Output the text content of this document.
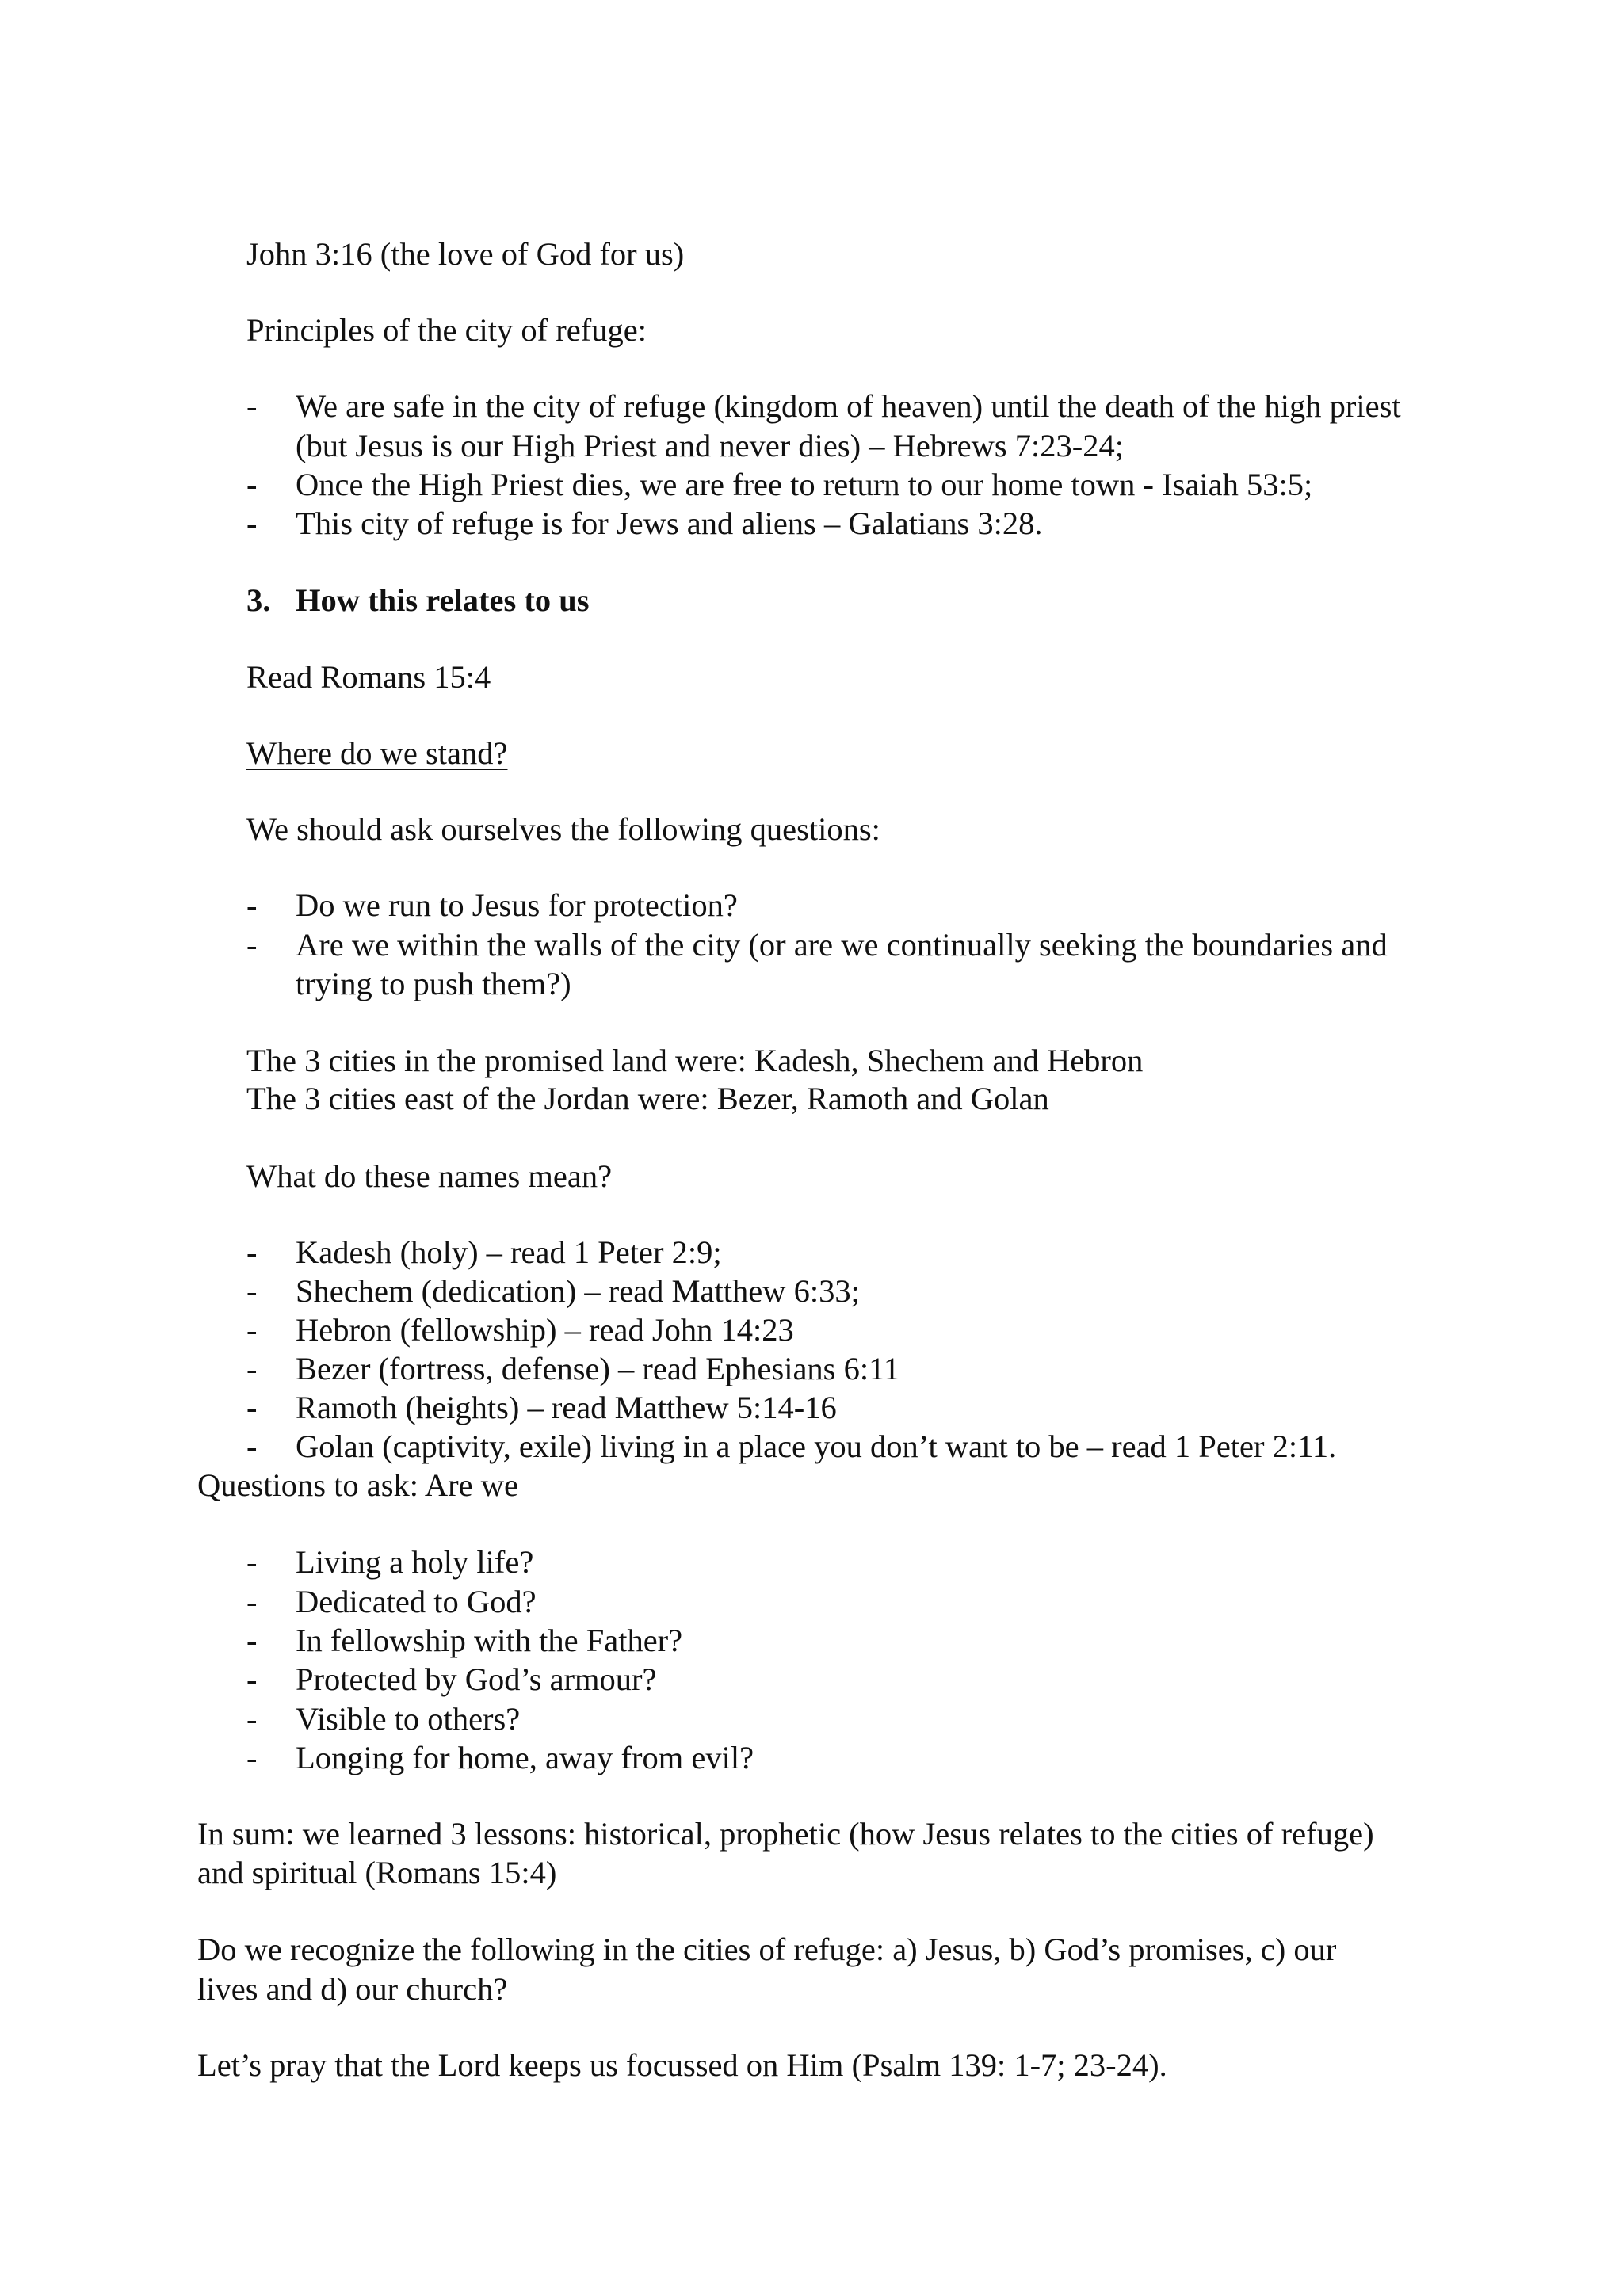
John 3:16 (the love of God for us)

Principles of the city of refuge:

- We are safe in the city of refuge (kingdom of heaven) until the death of the high priest

(but Jesus is our High Priest and never dies) – Hebrews 7:23-24;

- Once the High Priest dies, we are free to return to our home town - Isaiah 53:5;

- This city of refuge is for Jews and aliens – Galatians 3:28.

3. How this relates to us

Read Romans 15:4

Where do we stand?

We should ask ourselves the following questions:

- Do we run to Jesus for protection?

- Are we within the walls of the city (or are we continually seeking the boundaries and

trying to push them?)

The 3 cities in the promised land were: Kadesh, Shechem and Hebron

The 3 cities east of the Jordan were: Bezer, Ramoth and Golan

What do these names mean?

- Kadesh (holy) – read 1 Peter 2:9;

- Shechem (dedication) – read Matthew 6:33;

- Hebron (fellowship) – read John 14:23

- Bezer (fortress, defense) – read Ephesians 6:11

- Ramoth (heights) – read Matthew 5:14-16

- Golan (captivity, exile) living in a place you don’t want to be – read 1 Peter 2:11.

Questions to ask: Are we

- Living a holy life?

- Dedicated to God?

- In fellowship with the Father?

- Protected by God’s armour?

- Visible to others?

- Longing for home, away from evil?

In sum: we learned 3 lessons: historical, prophetic (how Jesus relates to the cities of refuge)

and spiritual (Romans 15:4)

Do we recognize the following in the cities of refuge: a) Jesus, b) God’s promises, c) our

lives and d) our church?

Let’s pray that the Lord keeps us focussed on Him (Psalm 139: 1-7; 23-24).
